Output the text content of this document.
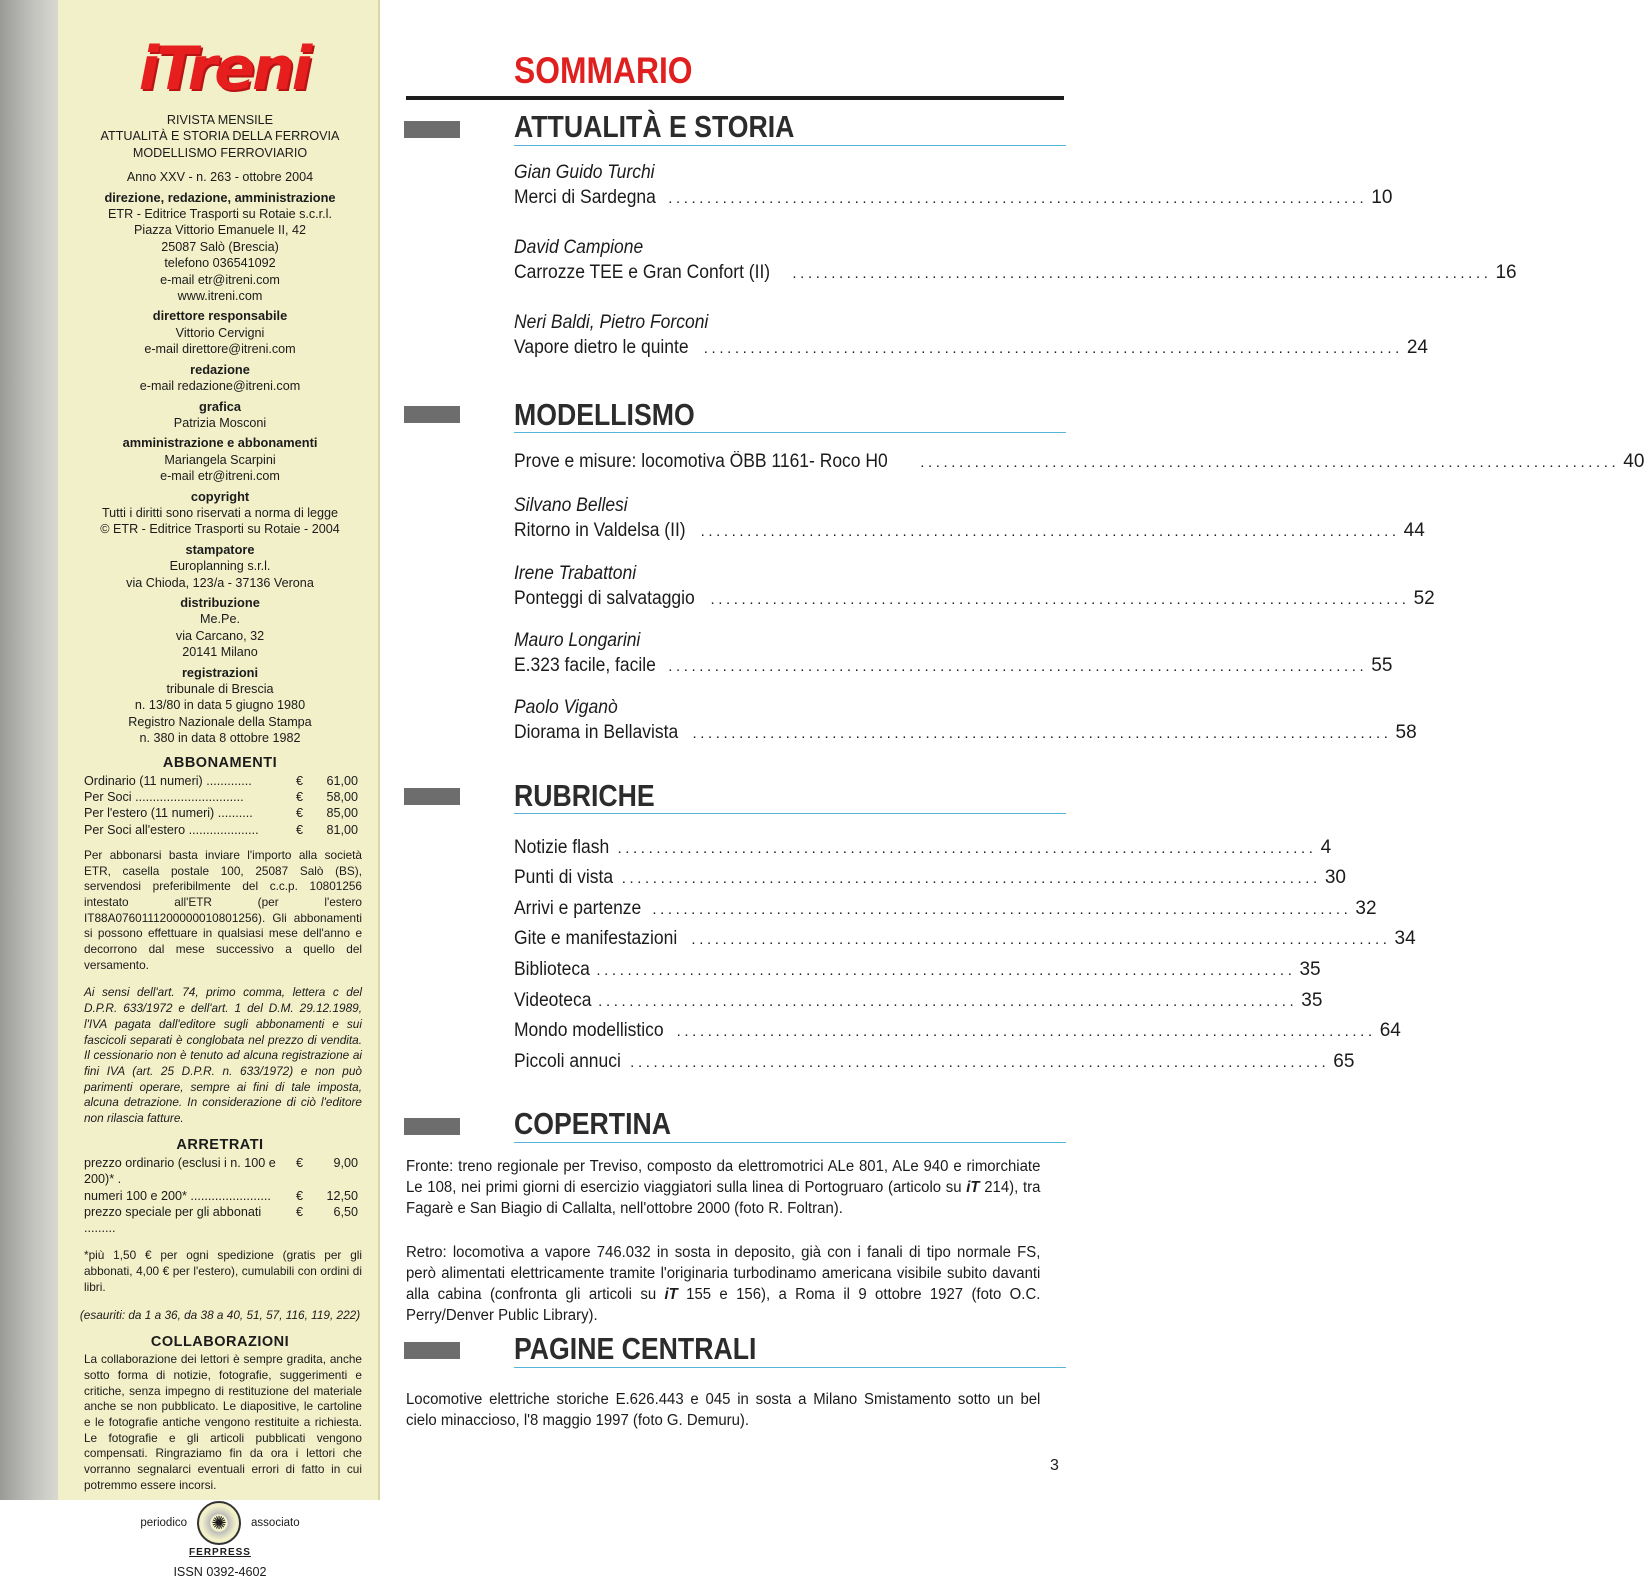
iTreni
RIVISTA MENSILE
ATTUALITÀ E STORIA DELLA FERROVIA
MODELLISMO FERROVIARIO
Anno XXV - n. 263 - ottobre 2004
direzione, redazione, amministrazione
ETR - Editrice Trasporti su Rotaie s.c.r.l.
Piazza Vittorio Emanuele II, 42
25087 Salò (Brescia)
telefono 036541092
e-mail etr@itreni.com
www.itreni.com
direttore responsabile
Vittorio Cervigni
e-mail direttore@itreni.com
redazione
e-mail redazione@itreni.com
grafica
Patrizia Mosconi
amministrazione e abbonamenti
Mariangela Scarpini
e-mail etr@itreni.com
copyright
Tutti i diritti sono riservati a norma di legge
© ETR - Editrice Trasporti su Rotaie - 2004
stampatore
Europlanning s.r.l.
via Chioda, 123/a - 37136 Verona
distribuzione
Me.Pe.
via Carcano, 32
20141 Milano
registrazioni
tribunale di Brescia
n. 13/80 in data 5 giugno 1980
Registro Nazionale della Stampa
n. 380 in data 8 ottobre 1982
ABBONAMENTI
Ordinario (11 numeri) .............	€	61,00
Per Soci ...............................	€	58,00
Per l'estero (11 numeri) ..........	€	85,00
Per Soci all'estero ....................	€	81,00
Per abbonarsi basta inviare l'importo alla società ETR, casella postale 100, 25087 Salò (BS), servendosi preferibilmente del c.c.p. 10801256 intestato all'ETR (per l'estero IT88A0760111200000010801256). Gli abbonamenti si possono effettuare in qualsiasi mese dell'anno e decorrono dal mese successivo a quello del versamento.
Ai sensi dell'art. 74, primo comma, lettera c del D.P.R. 633/1972 e dell'art. 1 del D.M. 29.12.1989, l'IVA pagata dall'editore sugli abbonamenti e sui fascicoli separati è conglobata nel prezzo di vendita. Il cessionario non è tenuto ad alcuna registrazione ai fini IVA (art. 25 D.P.R. n. 633/1972) e non può parimenti operare, sempre ai fini di tale imposta, alcuna detrazione. In considerazione di ciò l'editore non rilascia fatture.
ARRETRATI
prezzo ordinario (esclusi i n. 100 e 200)* .
€	9,00
numeri 100 e 200* .......................	€	12,50
prezzo speciale per gli abbonati .........
€	6,50
*più 1,50 € per ogni spedizione (gratis per gli abbonati, 4,00 € per l'estero), cumulabili con ordini di libri.
(esauriti: da 1 a 36, da 38 a 40, 51, 57, 116, 119, 222)
COLLABORAZIONI
La collaborazione dei lettori è sempre gradita, anche sotto forma di notizie, fotografie, suggerimenti e critiche, senza impegno di restituzione del materiale anche se non pubblicato. Le diapositive, le cartoline e le fotografie antiche vengono restituite a richiesta. Le fotografie e gli articoli pubblicati vengono compensati. Ringraziamo fin da ora i lettori che vorranno segnalarci eventuali errori di fatto in cui potremmo essere incorsi.
periodico	✺	associato
FERPRESS
ISSN 0392-4602
SOMMARIO
ATTUALITÀ E STORIA
Gian Guido Turchi
Merci di Sardegna .......................................................................................... 10
David Campione
Carrozze TEE e Gran Confort (II) .......................................................................................... 16
Neri Baldi, Pietro Forconi
Vapore dietro le quinte .......................................................................................... 24
MODELLISMO
Prove e misure: locomotiva ÖBB 1161- Roco H0 .......................................................................................... 40
Silvano Bellesi
Ritorno in Valdelsa (II) .......................................................................................... 44
Irene Trabattoni
Ponteggi di salvataggio .......................................................................................... 52
Mauro Longarini
E.323 facile, facile .......................................................................................... 55
Paolo Viganò
Diorama in Bellavista .......................................................................................... 58
RUBRICHE
Notizie flash .......................................................................................... 4
Punti di vista .......................................................................................... 30
Arrivi e partenze .......................................................................................... 32
Gite e manifestazioni .......................................................................................... 34
Biblioteca .......................................................................................... 35
Videoteca .......................................................................................... 35
Mondo modellistico .......................................................................................... 64
Piccoli annuci .......................................................................................... 65
COPERTINA
Fronte: treno regionale per Treviso, composto da elettromotrici ALe 801, ALe 940 e rimorchiate Le 108, nei primi giorni di esercizio viaggiatori sulla linea di Portogruaro (articolo su iT 214), tra Fagarè e San Biagio di Callalta, nell'ottobre 2000 (foto R. Foltran).
Retro: locomotiva a vapore 746.032 in sosta in deposito, già con i fanali di tipo normale FS, però alimentati elettricamente tramite l'originaria turbodinamo americana visibile subito davanti alla cabina (confronta gli articoli su iT 155 e 156), a Roma il 9 ottobre 1927 (foto O.C. Perry/Denver Public Library).
PAGINE CENTRALI
Locomotive elettriche storiche E.626.443 e 045 in sosta a Milano Smistamento sotto un bel cielo minaccioso, l'8 maggio 1997 (foto G. Demuru).
3
